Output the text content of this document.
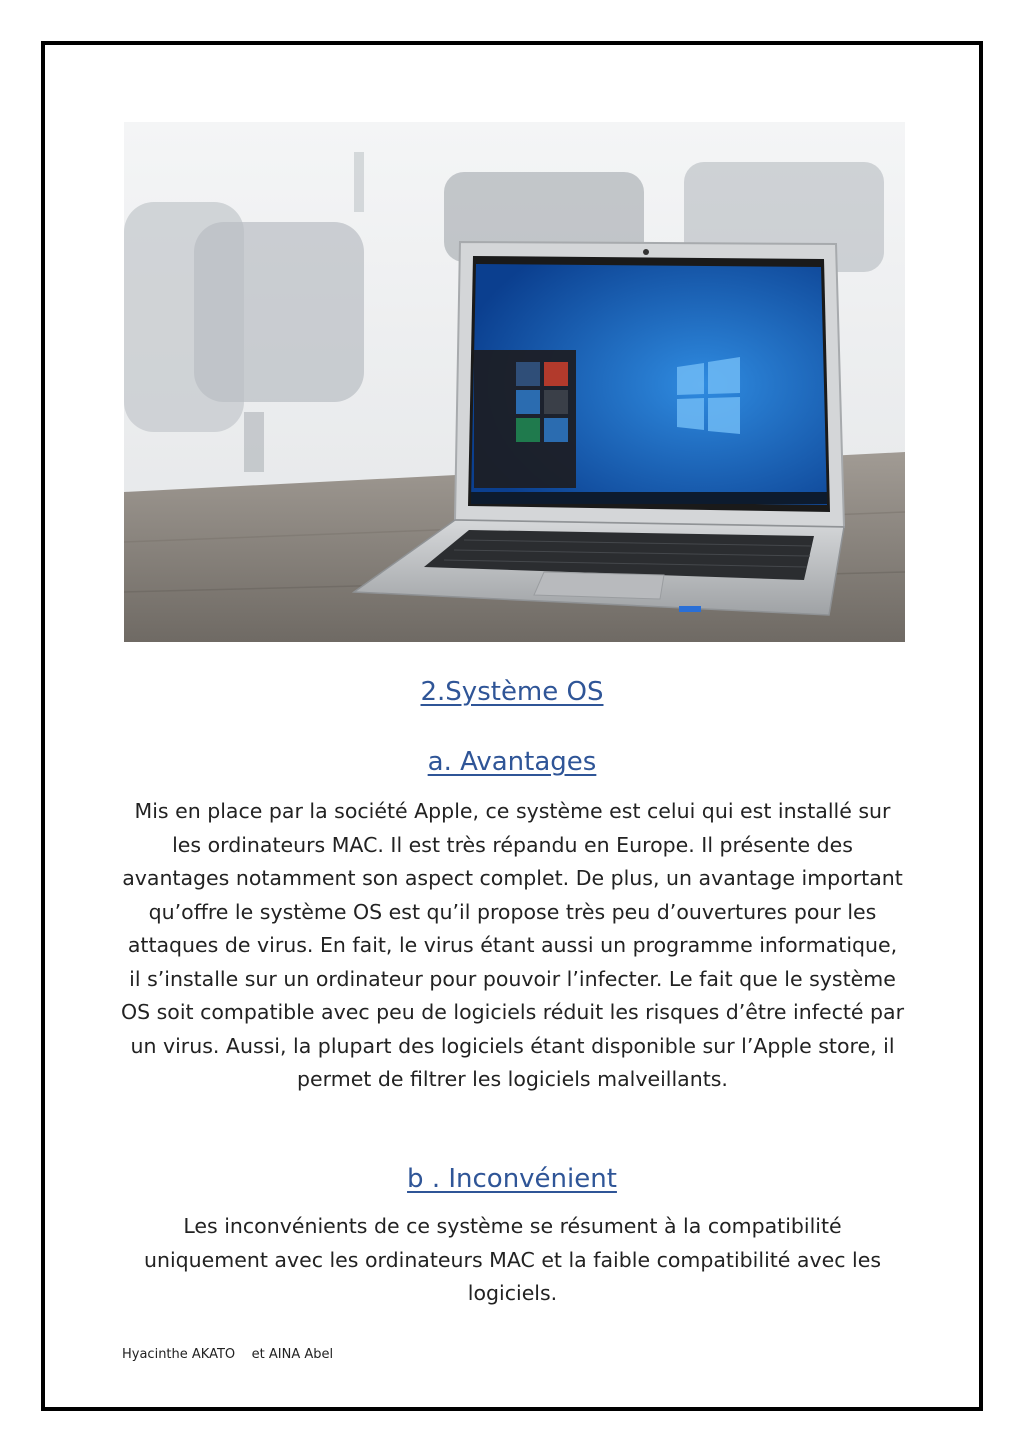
2.Système OS
a. Avantages

Mis en place par la société Apple, ce système est celui qui est installé sur les ordinateurs MAC. Il est très répandu en Europe. Il présente des avantages notamment son aspect complet. De plus, un avantage important qu’offre le système OS est qu’il propose très peu d’ouvertures pour les attaques de virus. En fait, le virus étant aussi un programme informatique, il s’installe sur un ordinateur pour pouvoir l’infecter. Le fait que le système OS soit compatible avec peu de logiciels réduit les risques d’être infecté par un virus. Aussi, la plupart des logiciels étant disponible sur l’Apple store, il permet de filtrer les logiciels malveillants.

b . Inconvénient

Les inconvénients de ce système se résument à la compatibilité uniquement avec les ordinateurs MAC et la faible compatibilité avec les logiciels.

Hyacinthe AKATO    et AINA Abel
